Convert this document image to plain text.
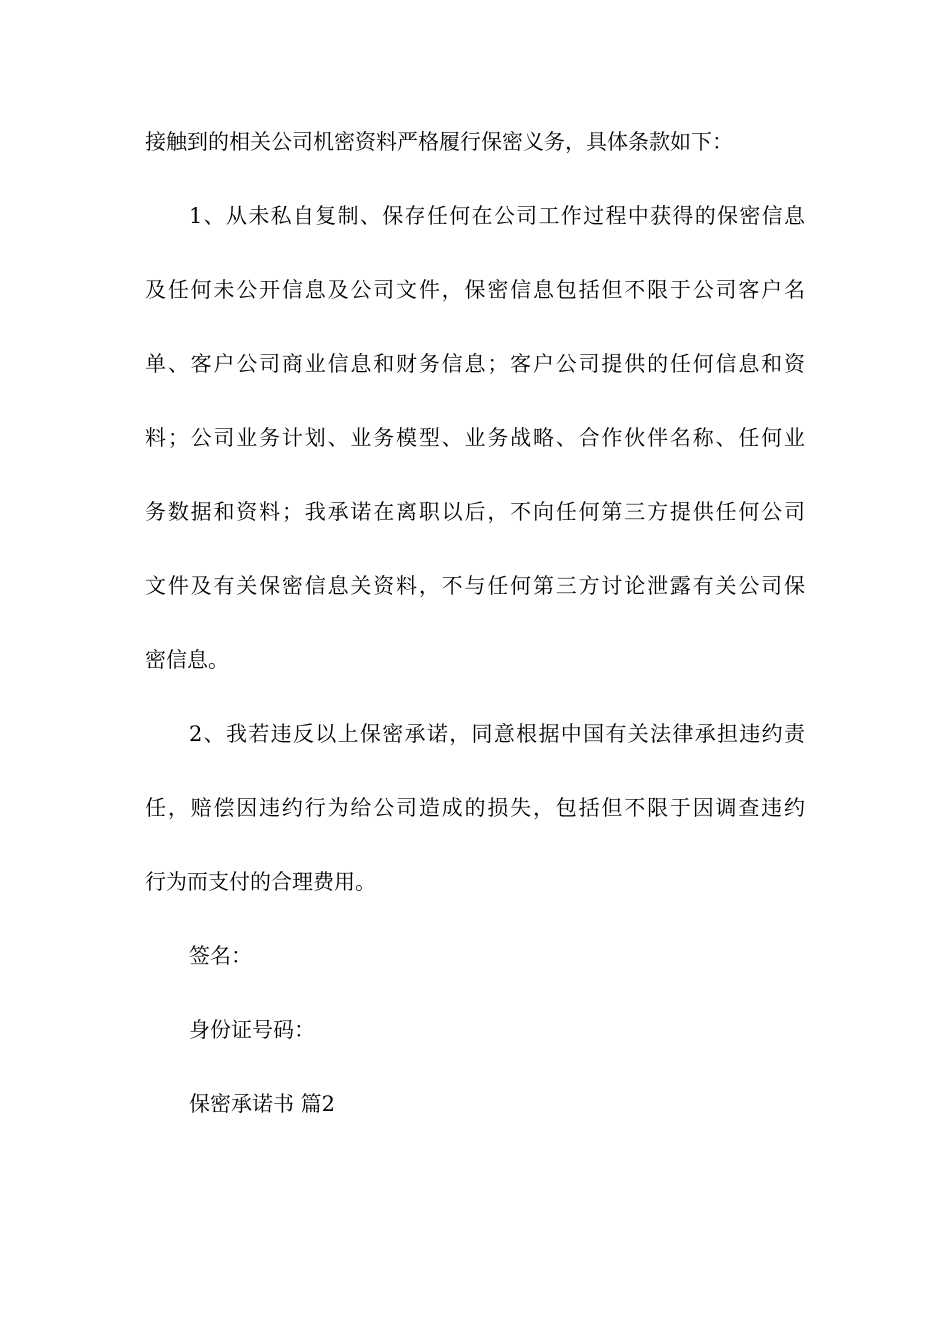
接触到的相关公司机密资料严格履行保密义务，具体条款如下：
1、从未私自复制、保存任何在公司工作过程中获得的保密信息
及任何未公开信息及公司文件，保密信息包括但不限于公司客户名
单、客户公司商业信息和财务信息；客户公司提供的任何信息和资
料；公司业务计划、业务模型、业务战略、合作伙伴名称、任何业
务数据和资料；我承诺在离职以后，不向任何第三方提供任何公司
文件及有关保密信息关资料，不与任何第三方讨论泄露有关公司保
密信息。
2、我若违反以上保密承诺，同意根据中国有关法律承担违约责
任，赔偿因违约行为给公司造成的损失，包括但不限于因调查违约
行为而支付的合理费用。
签名：
身份证号码：
保密承诺书 篇2
